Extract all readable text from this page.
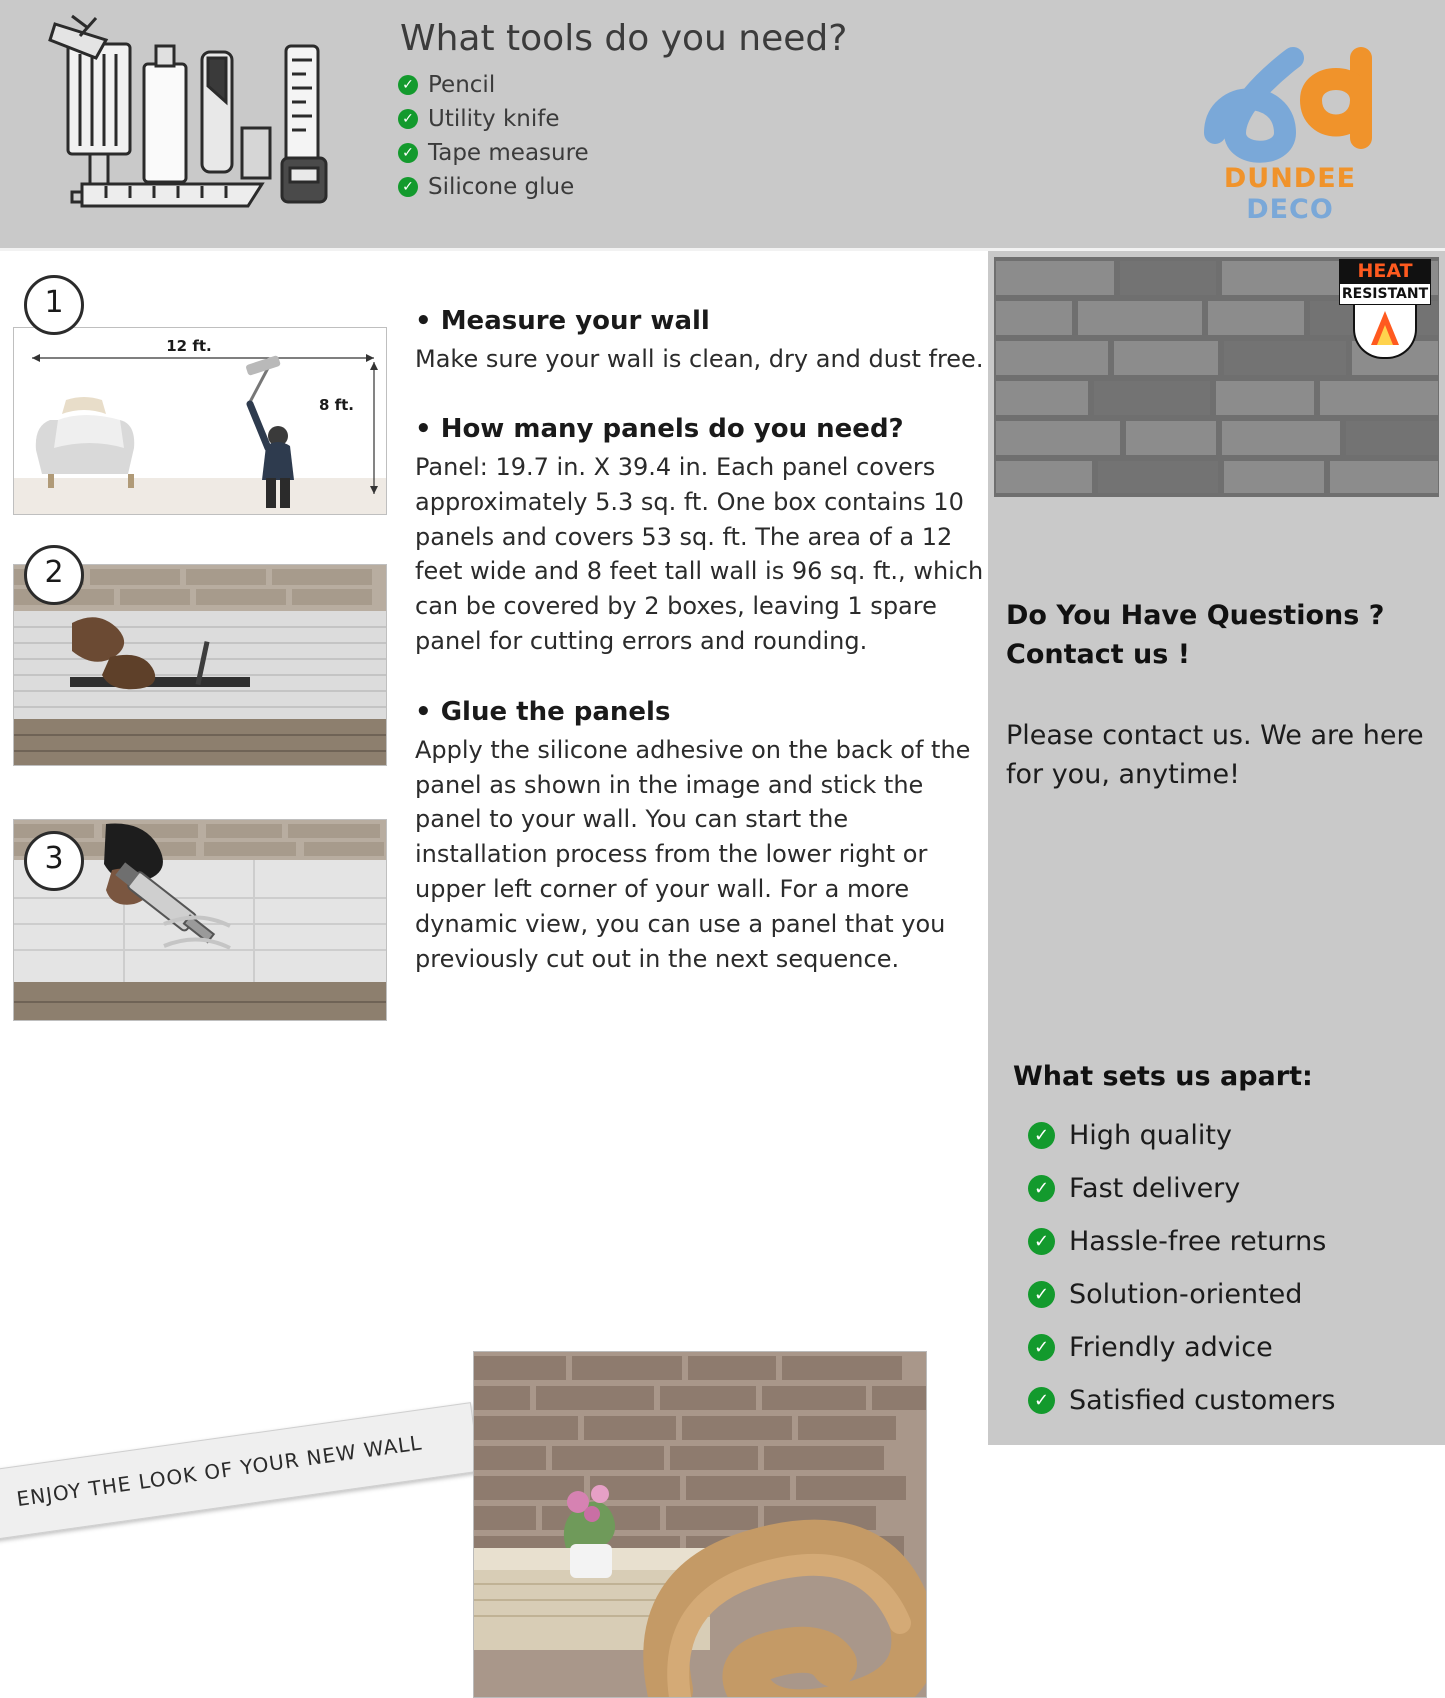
What tools do you need?
✓ Pencil
✓ Utility knife
✓ Tape measure
✓ Silicone glue	DUNDEE DECO
1
2
3
12 ft.
8 ft.

• Measure your wall

Make sure your wall is clean, dry and dust free.

• How many panels do you need?

Panel: 19.7 in. X 39.4 in. Each panel covers approximately 5.3 sq. ft. One box contains 10 panels and covers 53 sq. ft. The area of a 12 feet wide and 8 feet tall wall is 96 sq. ft., which can be covered by 2 boxes, leaving 1 spare panel for cutting errors and rounding.

• Glue the panels

Apply the silicone adhesive on the back of the panel as shown in the image and stick the panel to your wall. You can start the installation process from the lower right or upper left corner of your wall. For a more dynamic view, you can use a panel that you previously cut out in the next sequence.

ENJOY THE LOOK OF YOUR NEW WALL
HEAT
RESISTANT
Do You Have Questions ? Contact us !
Please contact us. We are here for you, anytime!
What sets us apart:
✓ High quality
✓ Fast delivery
✓ Hassle-free returns
✓ Solution-oriented
✓ Friendly advice
✓ Satisfied customers
